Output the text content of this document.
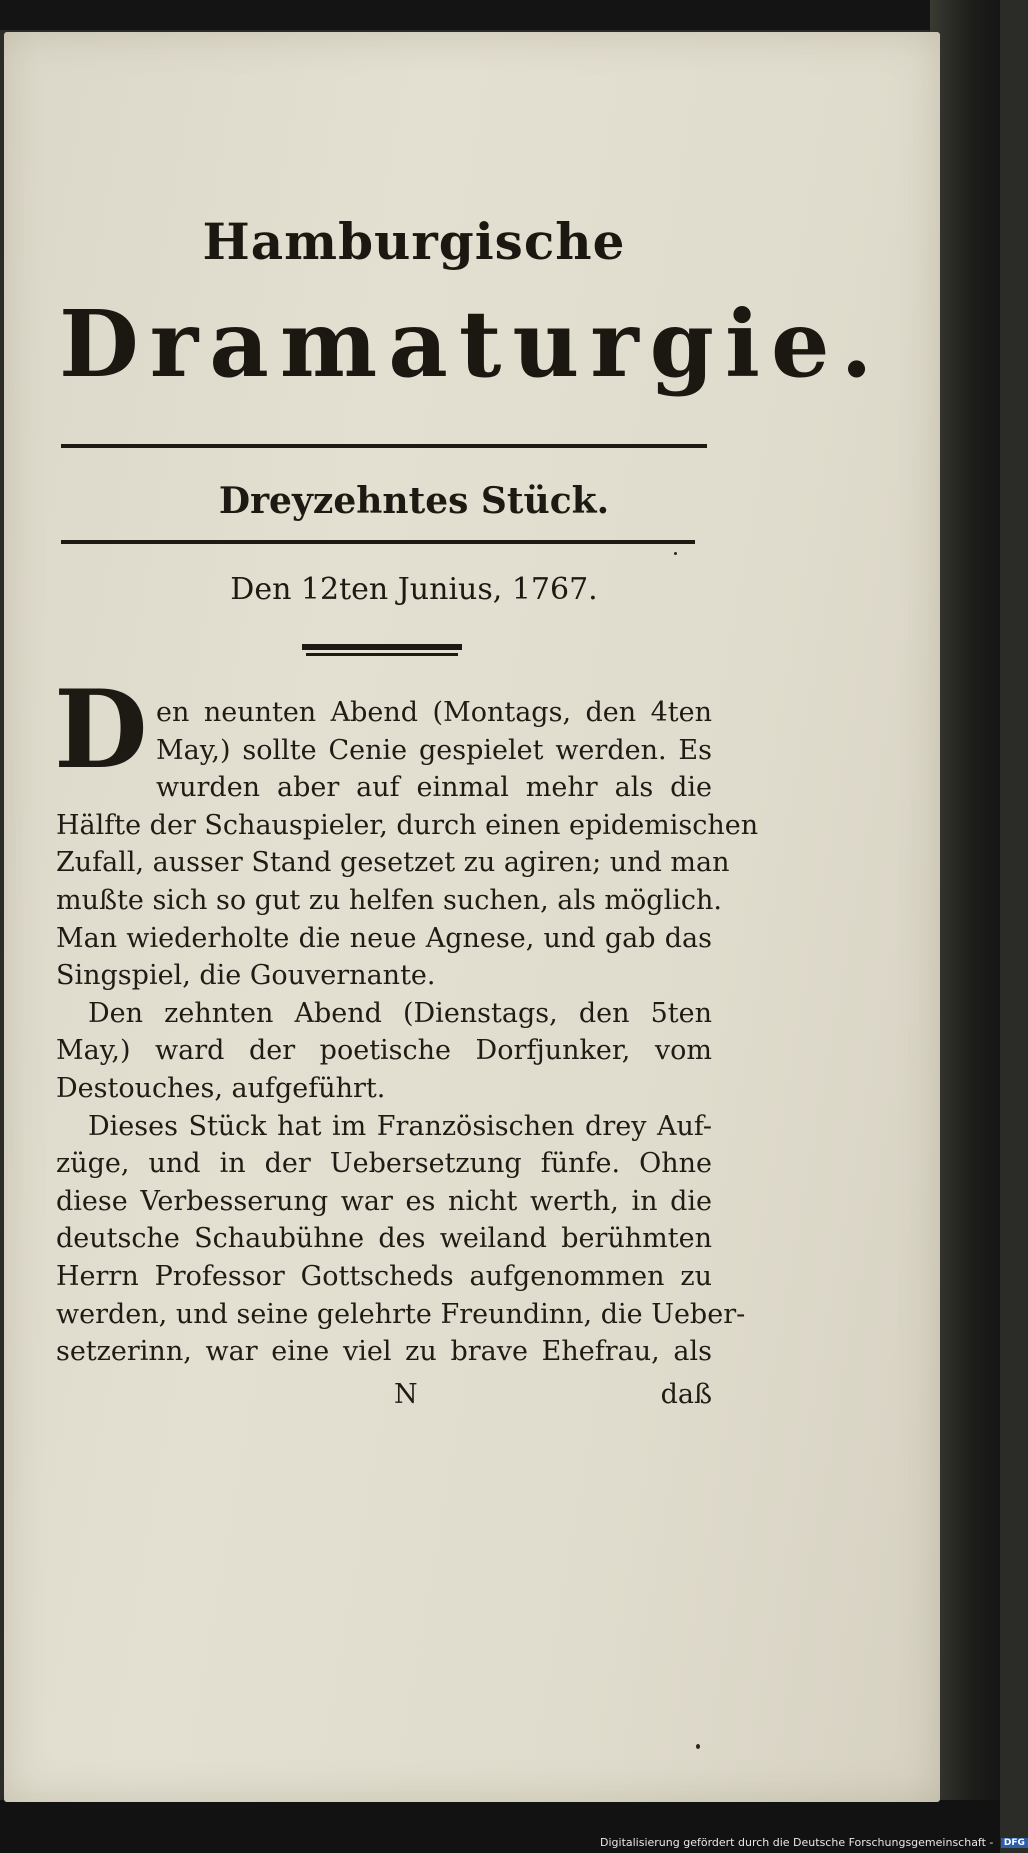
Hamburgische
Dramaturgie.
Dreyzehntes Stück.
Den 12ten Junius, 1767.
D en neunten Abend (Montags, den 4ten
May,) sollte Cenie gespielet werden. Es
wurden aber auf einmal mehr als die
Hälfte der Schauspieler, durch einen epidemischen
Zufall, ausser Stand gesetzet zu agiren; und man
mußte sich so gut zu helfen suchen, als möglich.
Man wiederholte die neue Agnese, und gab das
Singspiel, die Gouvernante.
Den zehnten Abend (Dienstags, den 5ten
May,) ward der poetische Dorfjunker, vom
Destouches, aufgeführt.
Dieses Stück hat im Französischen drey Auf-
züge, und in der Uebersetzung fünfe. Ohne
diese Verbesserung war es nicht werth, in die
deutsche Schaubühne des weiland berühmten
Herrn Professor Gottscheds aufgenommen zu
werden, und seine gelehrte Freundinn, die Ueber-
setzerinn, war eine viel zu brave Ehefrau, als
N	daß
Digitalisierung gefördert durch die Deutsche Forschungsgemeinschaft - DFG
